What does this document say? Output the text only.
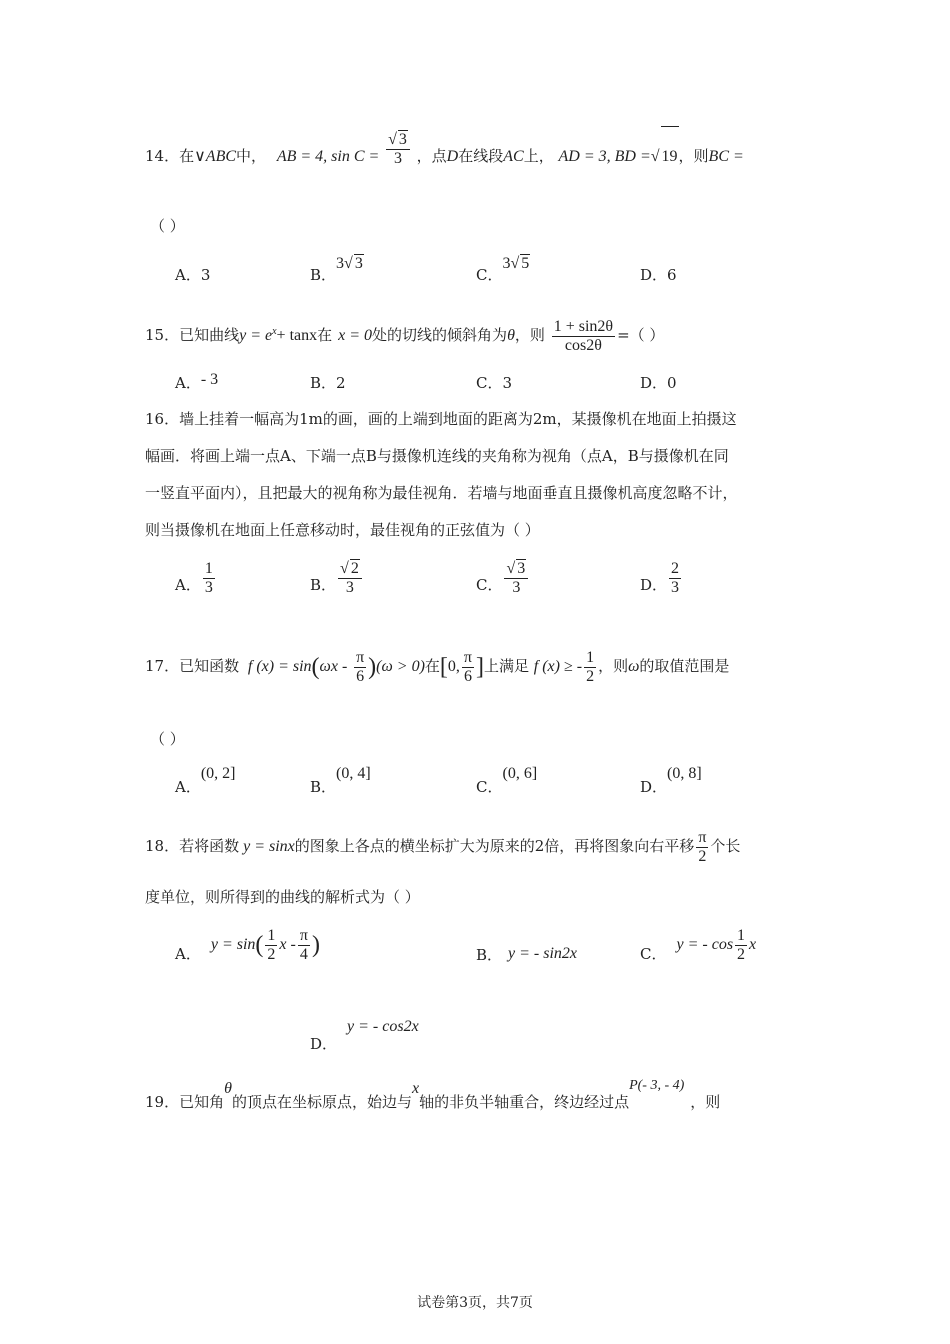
14．在∨ABC中， AB = 4, $\sin C = \frac{√ 3}{3}$ ，点D在线段AC上， AD = 3, BD =√ 19，则BC =
（ ）
A．3	B．3√ 3
C．3√ 5
D．6
15．已知曲线$y = e^x+ \tan x$在 x = 0处的切线的倾斜角为θ，则 $\frac{1 + \sin 2\theta}{\cos 2\theta}$ =（ ）
A．- 3	B．2	C．3	D．0
16．墙上挂着一幅高为1m的画，画的上端到地面的距离为2m，某摄像机在地面上拍摄这
幅画．将画上端一点A、下端一点B与摄像机连线的夹角称为视角（点A，B与摄像机在同
一竖直平面内），且把最大的视角称为最佳视角．若墙与地面垂直且摄像机高度忽略不计，
则当摄像机在地面上任意移动时，最佳视角的正弦值为（ ）
A． $\frac{1}{3}$	B． $\frac{√ 2}{3}$	C． $\frac{√ 3}{3}$	D． $\frac{2}{3}$
17．已知函数 f $(x) = \sin(\omega x - \frac{\pi}{6} )(\omega > 0)$在[0, $\frac{\pi}{6}$ ]上满足 f (x) ≥ - $\frac{1}{2}$ ，则ω的取值范围是
（ ）
A．(0, 2]
B．(0, 4]
C．(0, 6]
D．(0, 8]
18．若将函数 y = sinx的图象上各点的横坐标扩大为原来的2倍，再将图象向右平移 $\frac{\pi}{2}$ 个长
度单位，则所得到的曲线的解析式为（ ）
A．$y = \sin( \frac{1}{2}$ x - $\frac{\pi}{4}$ )	B． y = - sin2x	C．y = - $\cos \frac{1}{2}$ x
D．y = - cos2x
19．已知角θ的顶点在坐标原点，始边与x轴的非负半轴重合，终边经过点P(- 3, - 4)，则
试卷第3页，共7页
